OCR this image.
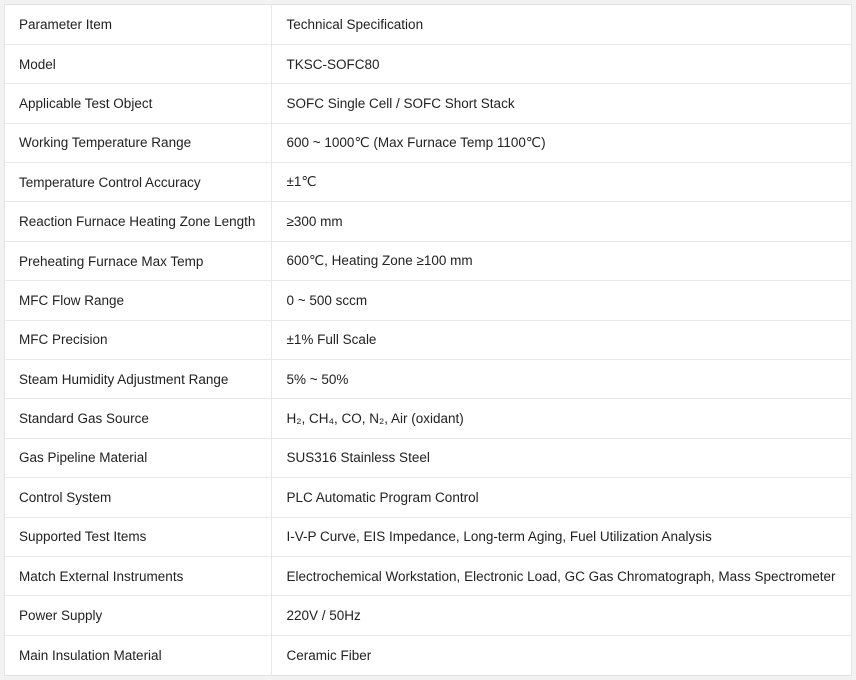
Parameter Item	Technical Specification
Model	TKSC-SOFC80
Applicable Test Object	SOFC Single Cell / SOFC Short Stack
Working Temperature Range	600 ~ 1000℃ (Max Furnace Temp 1100℃)
Temperature Control Accuracy	±1℃
Reaction Furnace Heating Zone Length	≥300 mm
Preheating Furnace Max Temp	600℃, Heating Zone ≥100 mm
MFC Flow Range	0 ~ 500 sccm
MFC Precision	±1% Full Scale
Steam Humidity Adjustment Range	5% ~ 50%
Standard Gas Source	H₂, CH₄, CO, N₂, Air (oxidant)
Gas Pipeline Material	SUS316 Stainless Steel
Control System	PLC Automatic Program Control
Supported Test Items	I-V-P Curve, EIS Impedance, Long-term Aging, Fuel Utilization Analysis
Match External Instruments	Electrochemical Workstation, Electronic Load, GC Gas Chromatograph, Mass Spectrometer
Power Supply	220V / 50Hz
Main Insulation Material	Ceramic Fiber
